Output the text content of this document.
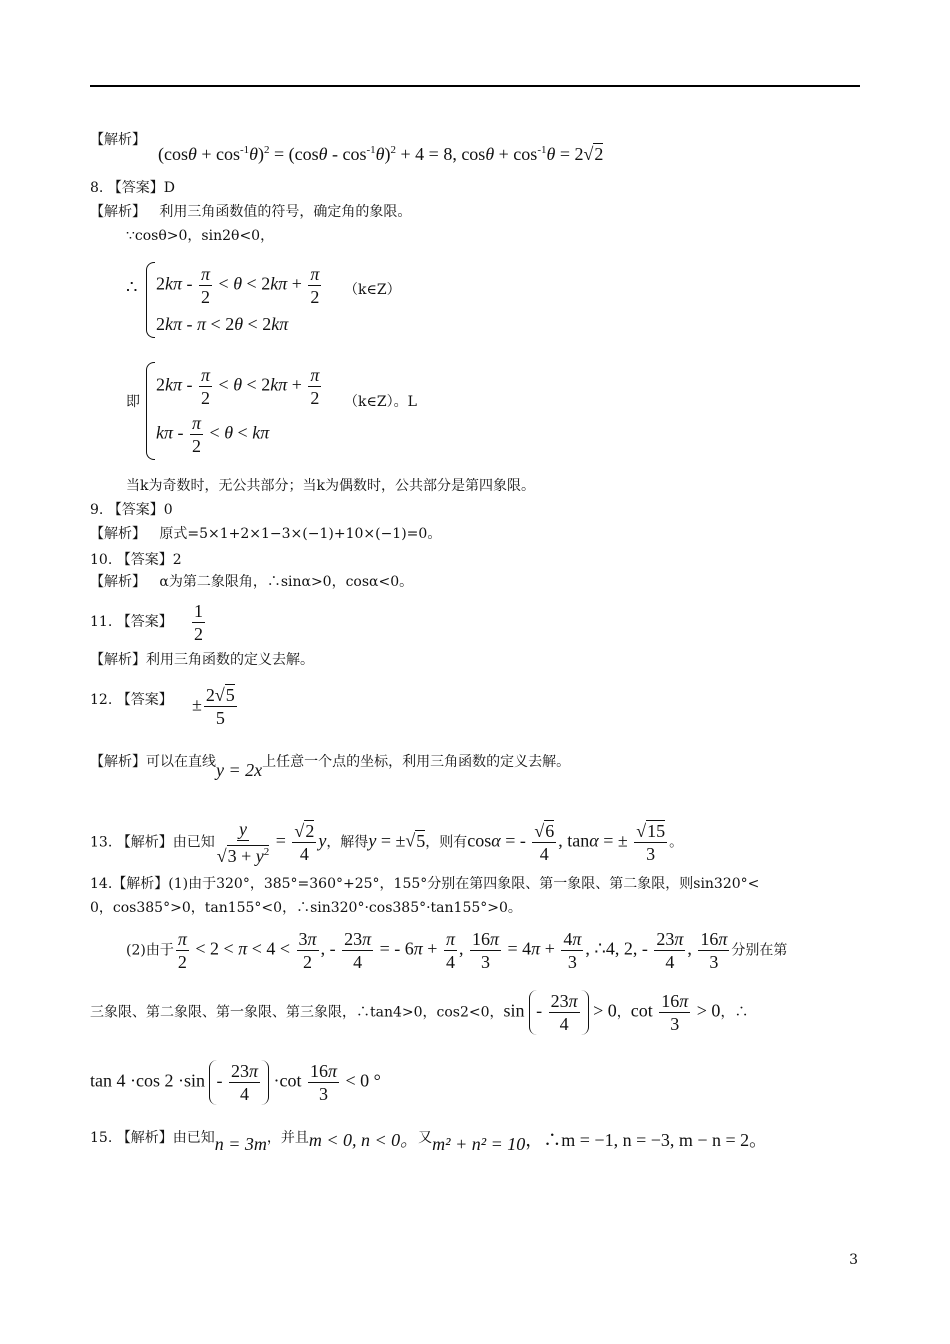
【解析】
$(\cos\theta + \cos^{-1}\theta)^2 = (\cos\theta - \cos^{-1}\theta)^2 + 4 = 8$, $\cos\theta + \cos^{-1}\theta = 2√2$
8. 【答案】D
【解析】 利用三角函数值的符号，确定角的象限。
∵cosθ>0，sin2θ<0，
∴ $2k\pi - \frac{\pi}{2} < \theta < 2k\pi + \frac{\pi}{2}$ （k∈Z）
2kπ - π < 2θ < 2kπ
即
$2k\pi - \frac{\pi}{2} < \theta < 2k\pi + \frac{\pi}{2}$ （k∈Z）。L
$k\pi - \frac{\pi}{2} < \theta < k\pi$
当k为奇数时，无公共部分；当k为偶数时，公共部分是第四象限。
9. 【答案】0
【解析】 原式=5×1+2×1−3×(−1)+10×(−1)=0。
10. 【答案】2
【解析】 α为第二象限角，∴sinα>0，cosα<0。
11. 【答案】 $\frac{1}{2}$
【解析】利用三角函数的定义去解。
12. 【答案】 ± $\frac{2√5}{5}$
【解析】可以在直线y = 2x上任意一个点的坐标，利用三角函数的定义去解。
13. 【解析】由已知 $\frac{y}{√3 + y^2} = \frac{√2}{4}$ y，解得y = ±√5，则有cosα = - $\frac{√6}{4}$ , tanα = ± $\frac{√15}{3}$ 。
14.【解析】(1)由于320°，385°=360°+25°，155°分别在第四象限、第一象限、第二象限，则sin320°<
0，cos385°>0，tan155°<0，∴sin320°·cos385°·tan155°>0。
(2)由于 $\frac{\pi}{2} < 2 < \pi < 4 < \frac{3\pi}{2}$ , - $\frac{23\pi}{4}$ = - $6\pi + \frac{\pi}{4}$ , $\frac{16\pi}{3} = 4\pi + \frac{4\pi}{3}$ , ∴4, 2, - $\frac{23\pi}{4}$ , $\frac{16\pi}{3}$ 分别在第
三象限、第二象限、第一象限、第三象限，∴tan4>0，cos2<0，$\sin - \frac{23\pi}{4} > 0$，$\cot \frac{16\pi}{3} > 0$，∴
tan 4 ·cos $2 \cdot\sin - \frac{23\pi}{4} \cdot\cot \frac{16\pi}{3} < 0$ °
15. 【解析】由已知n = 3m，并且m < 0, n < 0。又m² + n² = 10，∴m = −1, n = −3, m − n = 2。
3
